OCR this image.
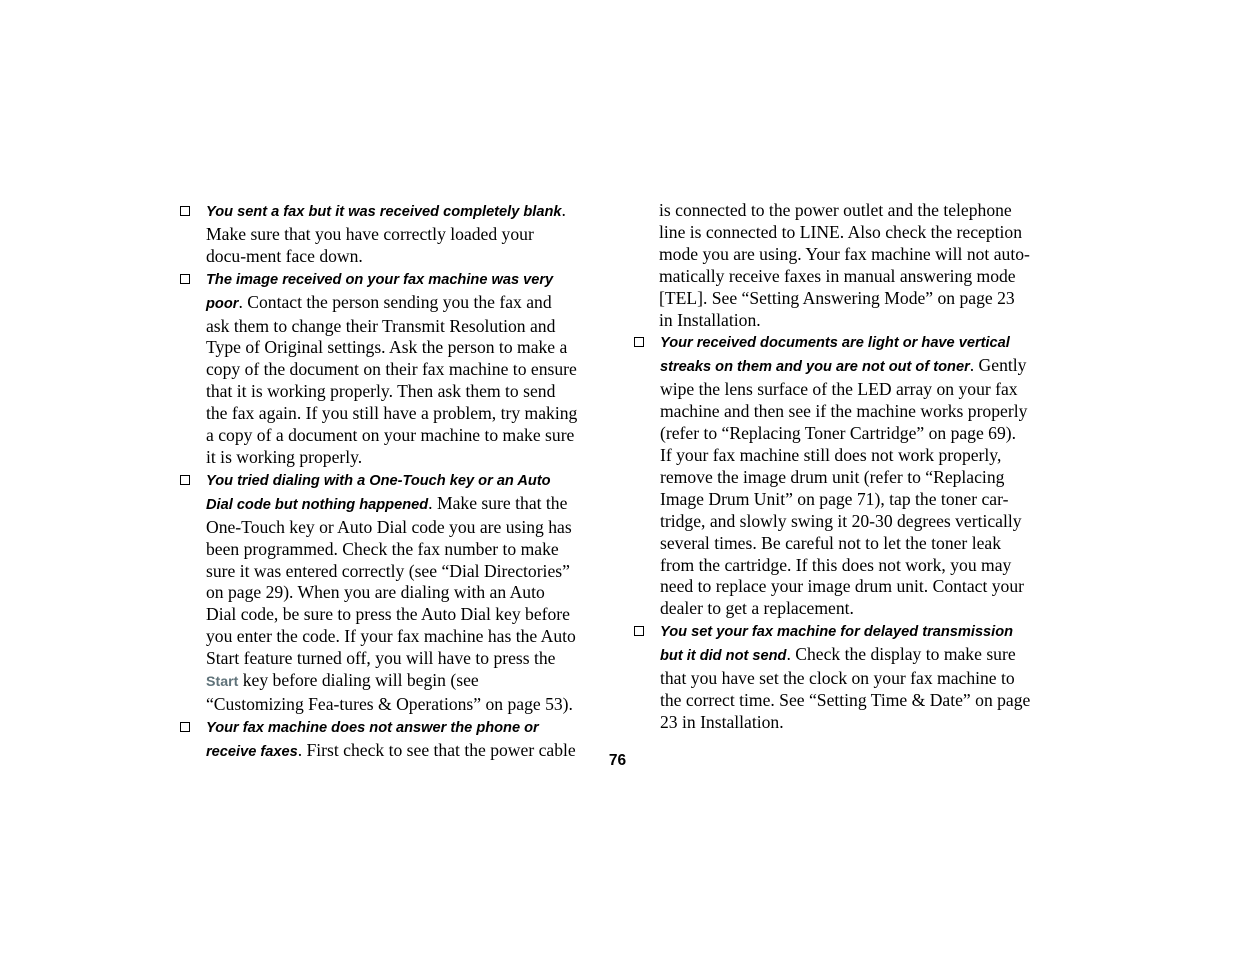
You sent a fax but it was received completely blank. Make sure that you have correctly loaded your docu-ment face down.
The image received on your fax machine was very poor. Contact the person sending you the fax and ask them to change their Transmit Resolution and Type of Original settings. Ask the person to make a copy of the document on their fax machine to ensure that it is working properly. Then ask them to send the fax again. If you still have a problem, try making a copy of a document on your machine to make sure it is working properly.
You tried dialing with a One-Touch key or an Auto Dial code but nothing happened. Make sure that the One-Touch key or Auto Dial code you are using has been programmed. Check the fax number to make sure it was entered correctly (see “Dial Directories” on page 29). When you are dialing with an Auto Dial code, be sure to press the Auto Dial key before you enter the code. If your fax machine has the Auto Start feature turned off, you will have to press the Start key before dialing will begin (see “Customizing Fea-tures & Operations” on page 53).
Your fax machine does not answer the phone or receive faxes. First check to see that the power cable
is connected to the power outlet and the telephone line is connected to LINE. Also check the reception mode you are using. Your fax machine will not auto-matically receive faxes in manual answering mode [TEL]. See “Setting Answering Mode” on page 23 in Installation.
Your received documents are light or have vertical streaks on them and you are not out of toner. Gently wipe the lens surface of the LED array on your fax machine and then see if the machine works properly (refer to “Replacing Toner Cartridge” on page 69). If your fax machine still does not work properly, remove the image drum unit (refer to “Replacing Image Drum Unit” on page 71), tap the toner car-tridge, and slowly swing it 20-30 degrees vertically several times. Be careful not to let the toner leak from the cartridge. If this does not work, you may need to replace your image drum unit. Contact your dealer to get a replacement.
You set your fax machine for delayed transmission but it did not send. Check the display to make sure that you have set the clock on your fax machine to the correct time. See “Setting Time & Date” on page 23 in Installation.
76
